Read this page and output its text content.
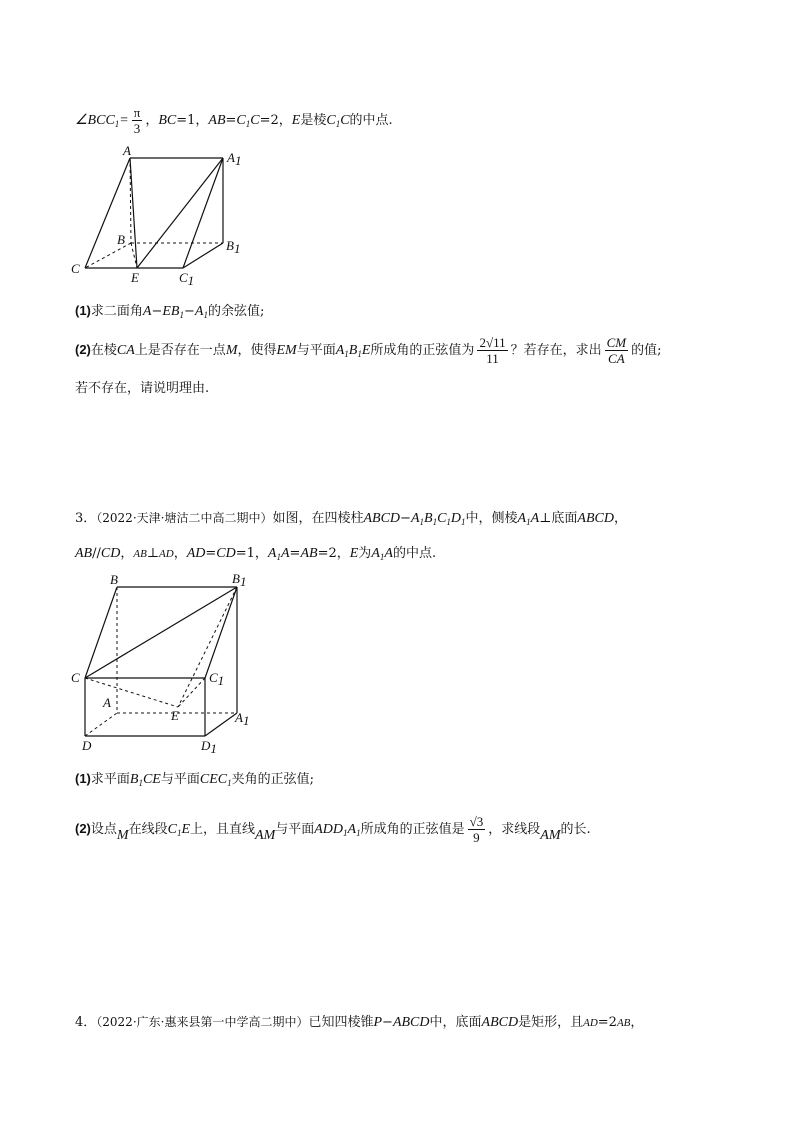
$\angle BCC_1= \frac{\pi}{3}$ ，BC=1，$AB=C_1C=2$，E是棱$C_1C$的中点.
A	A1
B	B1
C
E	C1
(1)求二面角$A-EB_1-A_1$的余弦值;
(2)在棱CA上是否存在一点M，使得EM与平面$A_1B_1E$所成角的正弦值为 $\frac{2√11}{11}$ ？若存在，求出 $\frac{CM}{CA}$ 的值;
若不存在，请说明理由.
3．（2022·天津·塘沽二中高二期中）如图，在四棱柱$ABCD-A_1B_1C_1D_1$中，侧棱$A_1A\perp$底面ABCD，
AB//CD，AB⊥AD，AD=CD=1，$A_1A=AB=2$，E为$A_1A$的中点.
B	B1
C	C1
A
E	A1
D	D1
(1)求平面$B_1CE$与平面$CEC_1$夹角的正弦值;
(2)设点M在线段$C_1E$上，且直线AM与平面$ADD_1A_1$所成角的正弦值是 $\frac{√3}{9}$ ，求线段AM的长.
4．（2022·广东·惠来县第一中学高二期中）已知四棱锥P−ABCD中，底面ABCD是矩形，且AD=2AB，
